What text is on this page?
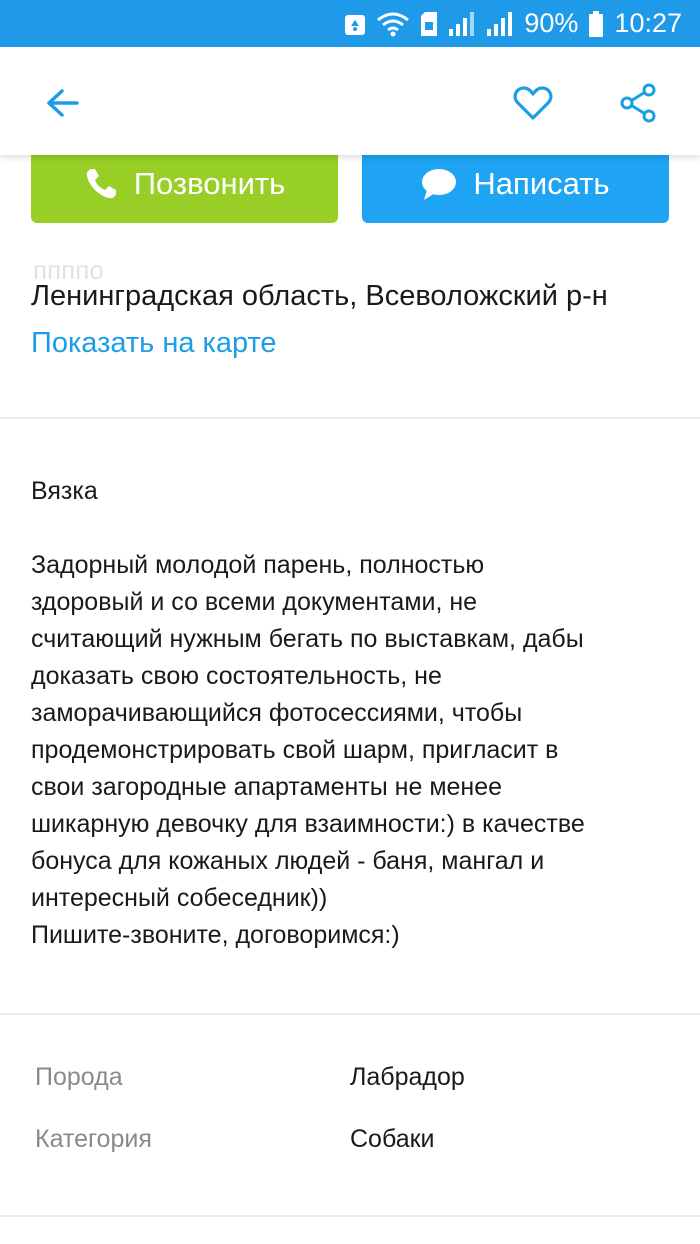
90% 10:27
Позвонить	Написать
ппппо
Ленинградская область, Всеволожский р-н
Показать на карте
Вязка

Задорный молодой парень, полностью

здоровый и со всеми документами, не

считающий нужным бегать по выставкам, дабы

доказать свою состоятельность, не

заморачивающийся фотосессиями, чтобы

продемонстрировать свой шарм, пригласит в

свои загородные апартаменты не менее

шикарную девочку для взаимности:) в качестве

бонуса для кожаных людей - баня, мангал и

интересный собеседник))

Пишите-звоните, договоримся:)

Порода	Лабрадор
Категория	Собаки
